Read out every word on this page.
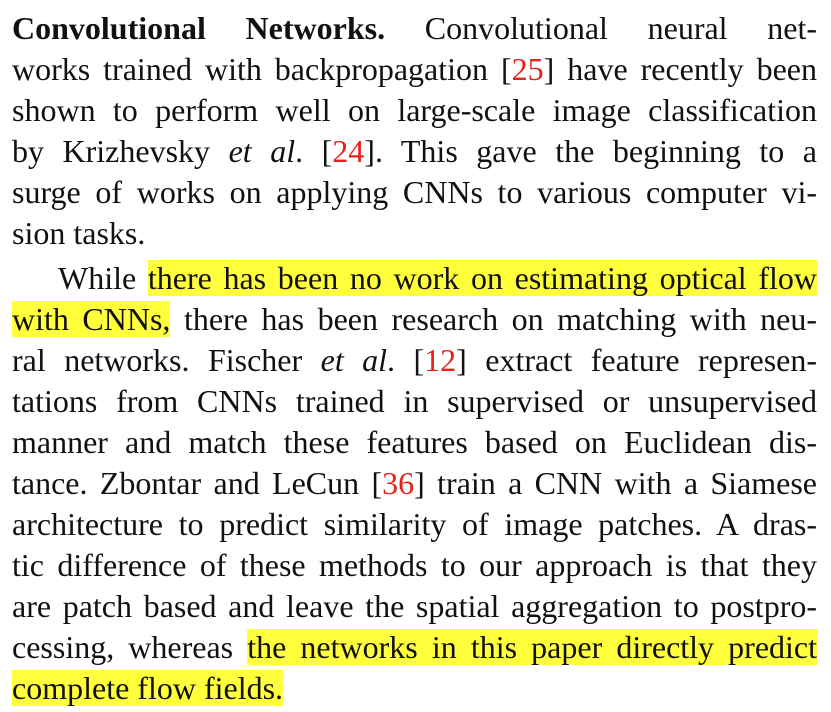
Convolutional Networks. Convolutional neural net-
works trained with backpropagation [25] have recently been
shown to perform well on large-scale image classification
by Krizhevsky et al. [24]. This gave the beginning to a
surge of works on applying CNNs to various computer vi-
sion tasks.
While there has been no work on estimating optical flow
with CNNs, there has been research on matching with neu-
ral networks. Fischer et al. [12] extract feature represen-
tations from CNNs trained in supervised or unsupervised
manner and match these features based on Euclidean dis-
tance. Zbontar and LeCun [36] train a CNN with a Siamese
architecture to predict similarity of image patches. A dras-
tic difference of these methods to our approach is that they
are patch based and leave the spatial aggregation to postpro-
cessing, whereas the networks in this paper directly predict
complete flow fields.
